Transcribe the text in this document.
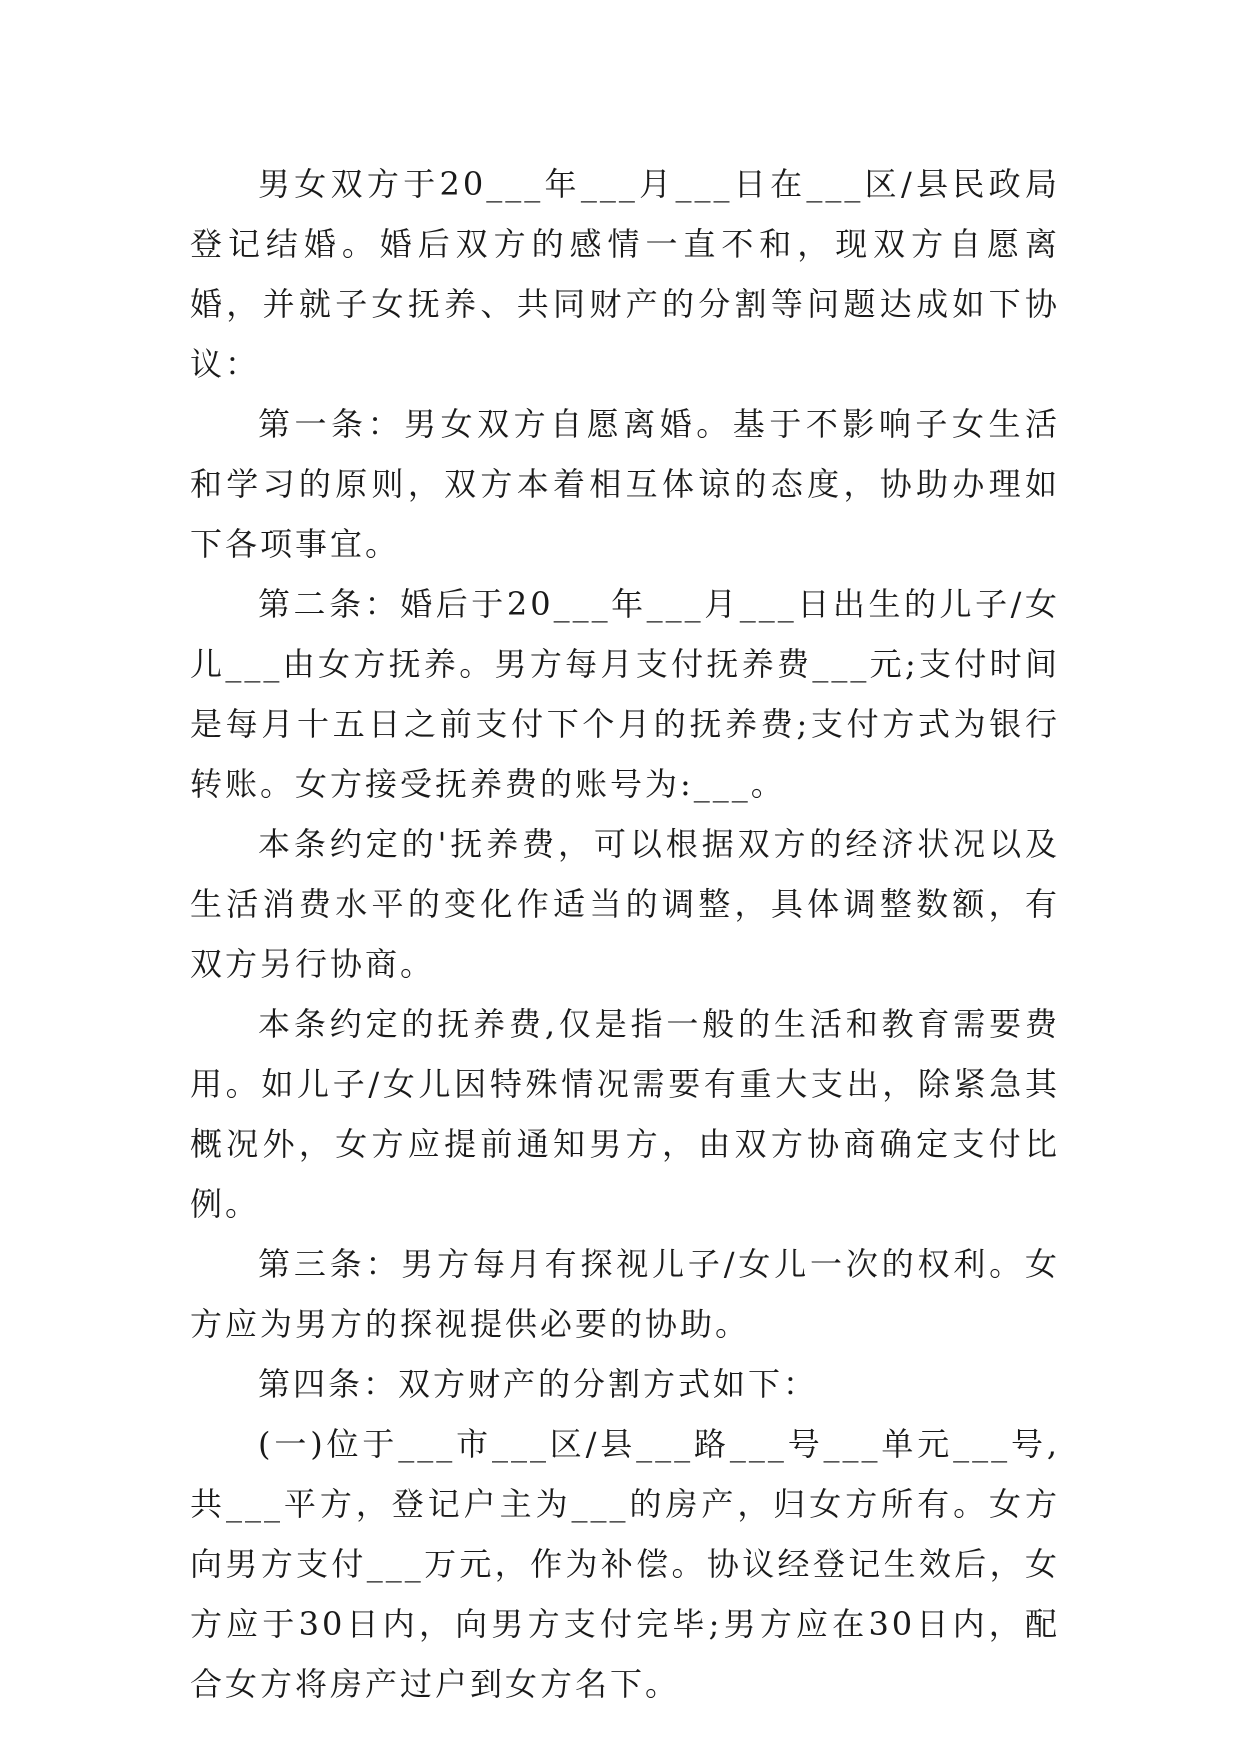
男女双方于20___年___月___日在___区/县民政局登记结婚。婚后双方的感情一直不和，现双方自愿离婚，并就子女抚养、共同财产的分割等问题达成如下协议：

第一条：男女双方自愿离婚。基于不影响子女生活和学习的原则，双方本着相互体谅的态度，协助办理如下各项事宜。

第二条：婚后于20___年___月___日出生的儿子/女儿___由女方抚养。男方每月支付抚养费___元;支付时间是每月十五日之前支付下个月的抚养费;支付方式为银行转账。女方接受抚养费的账号为:___。

本条约定的'抚养费，可以根据双方的经济状况以及生活消费水平的变化作适当的调整，具体调整数额，有双方另行协商。

本条约定的抚养费,仅是指一般的生活和教育需要费用。如儿子/女儿因特殊情况需要有重大支出，除紧急其概况外，女方应提前通知男方，由双方协商确定支付比例。

第三条：男方每月有探视儿子/女儿一次的权利。女方应为男方的探视提供必要的协助。

第四条：双方财产的分割方式如下：

(一)位于___市___区/县___路___号___单元___号,共___平方，登记户主为___的房产，归女方所有。女方向男方支付___万元，作为补偿。协议经登记生效后，女方应于30日内，向男方支付完毕;男方应在30日内，配合女方将房产过户到女方名下。
